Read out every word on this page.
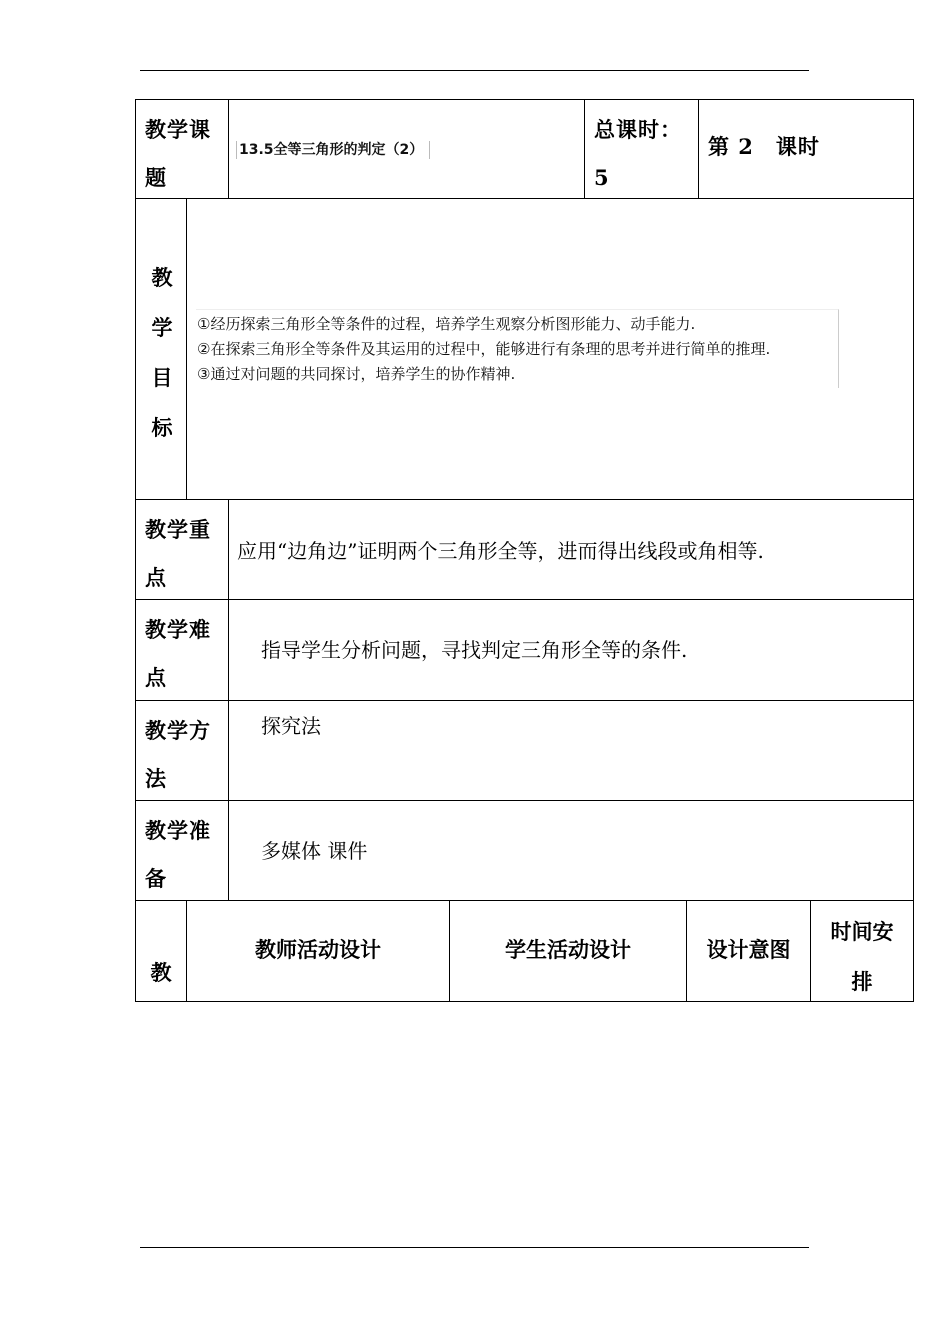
教学课题
13.5全等三角形的判定（2）
总课时：
5
第 2　课时
教
学
目
标
①经历探索三角形全等条件的过程，培养学生观察分析图形能力、动手能力.
②在探索三角形全等条件及其运用的过程中，能够进行有条理的思考并进行简单的推理.
③通过对问题的共同探讨，培养学生的协作精神.
教学重点
应用“边角边”证明两个三角形全等，进而得出线段或角相等.
教学难点
指导学生分析问题，寻找判定三角形全等的条件.
教学方法
探究法
教学准备
多媒体 课件
教
教师活动设计	学生活动设计	设计意图
时间安排
